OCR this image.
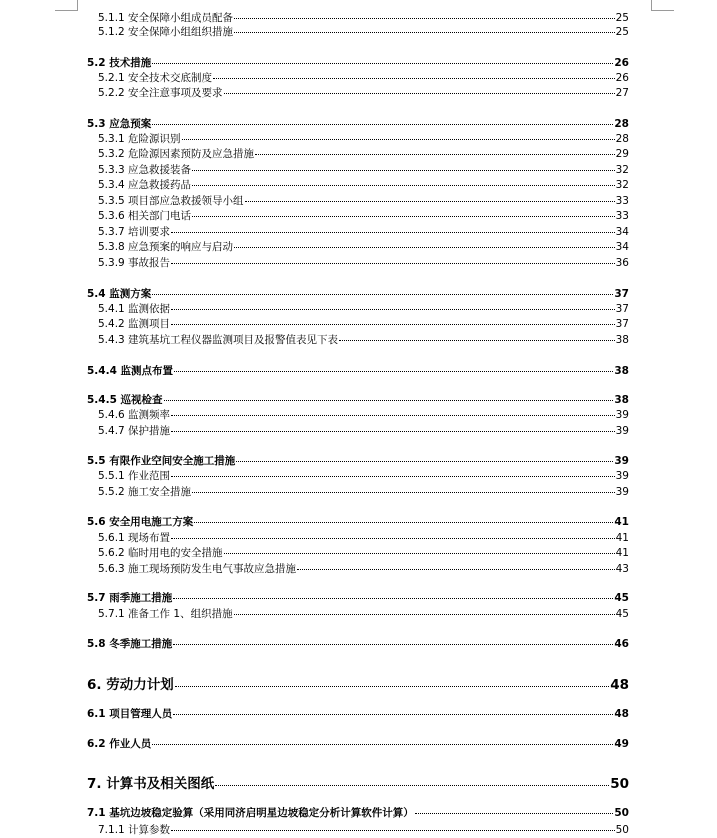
5.1.1 安全保障小组成员配备	25
5.1.2 安全保障小组组织措施	25
5.2 技术措施	26
5.2.1 安全技术交底制度	26
5.2.2 安全注意事项及要求	27
5.3 应急预案	28
5.3.1 危险源识别	28
5.3.2 危险源因素预防及应急措施	29
5.3.3 应急救援装备	32
5.3.4 应急救援药品	32
5.3.5 项目部应急救援领导小组	33
5.3.6 相关部门电话	33
5.3.7 培训要求	34
5.3.8 应急预案的响应与启动	34
5.3.9 事故报告	36
5.4 监测方案	37
5.4.1 监测依据	37
5.4.2 监测项目	37
5.4.3 建筑基坑工程仪器监测项目及报警值表见下表	38
5.4.4 监测点布置	38
5.4.5 巡视检查	38
5.4.6 监测频率	39
5.4.7 保护措施	39
5.5 有限作业空间安全施工措施	39
5.5.1 作业范围	39
5.5.2 施工安全措施	39
5.6 安全用电施工方案	41
5.6.1 现场布置	41
5.6.2 临时用电的安全措施	41
5.6.3 施工现场预防发生电气事故应急措施	43
5.7 雨季施工措施	45
5.7.1 准备工作 1、组织措施	45
5.8 冬季施工措施	46
6. 劳动力计划	48
6.1 项目管理人员	48
6.2 作业人员	49
7. 计算书及相关图纸	50
7.1 基坑边坡稳定验算（采用同济启明星边坡稳定分析计算软件计算）	50
7.1.1 计算参数	50
